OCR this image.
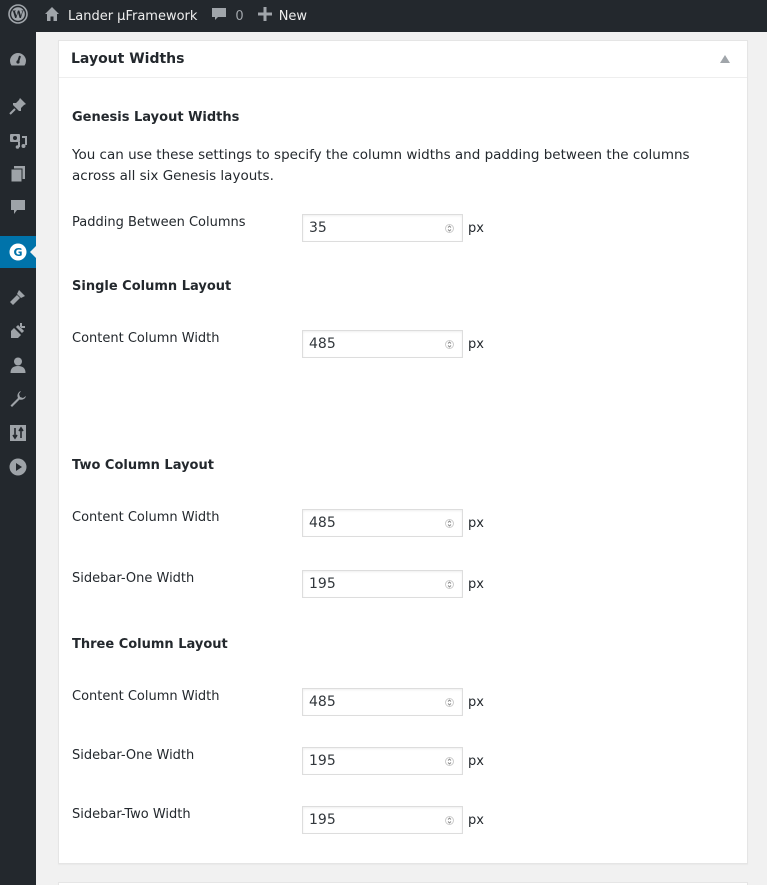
W	Lander µFramework	0	New
G
Layout Widths
Genesis Layout Widths
You can use these settings to specify the column widths and padding between the columns across all six Genesis layouts.
Padding Between Columns	35	px
Single Column Layout
Content Column Width	485	px
Two Column Layout
Content Column Width	485	px
Sidebar-One Width	195	px
Three Column Layout
Content Column Width	485	px
Sidebar-One Width	195	px
Sidebar-Two Width	195	px
